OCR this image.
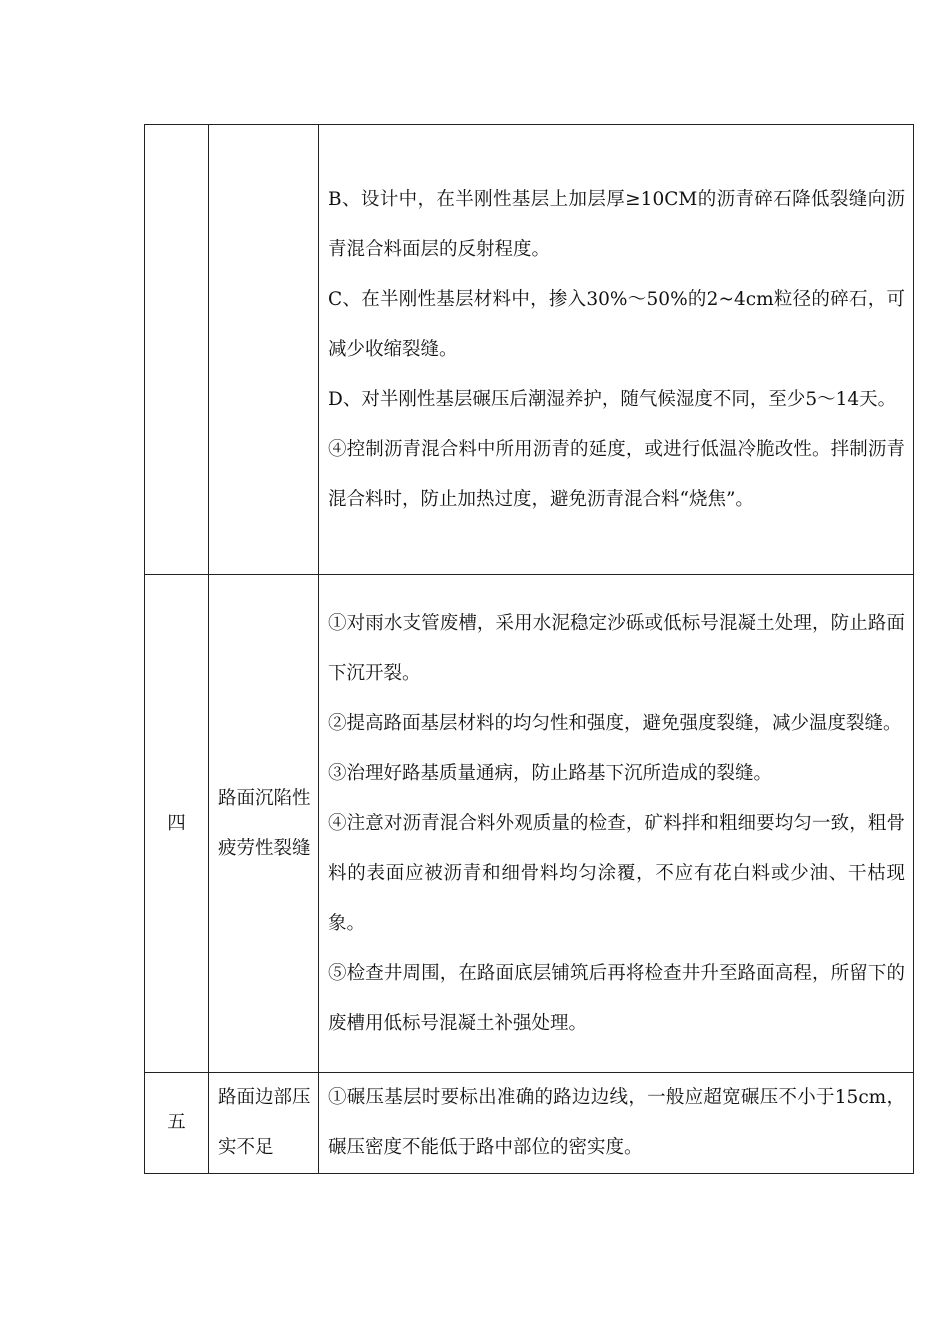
		B、设计中，在半刚性基层上加层厚≥10CM的沥青碎石降低裂缝向沥青混合料面层的反射程度。

C、在半刚性基层材料中，掺入30%～50%的2~4cm粒径的碎石，可减少收缩裂缝。

D、对半刚性基层碾压后潮湿养护，随气候湿度不同，至少5～14天。

④控制沥青混合料中所用沥青的延度，或进行低温冷脆改性。拌制沥青混合料时，防止加热过度，避免沥青混合料“烧焦”。

四	路面沉陷性疲劳性裂缝	①对雨水支管废槽，采用水泥稳定沙砾或低标号混凝土处理，防止路面下沉开裂。

②提高路面基层材料的均匀性和强度，避免强度裂缝，减少温度裂缝。

③治理好路基质量通病，防止路基下沉所造成的裂缝。

④注意对沥青混合料外观质量的检查，矿料拌和粗细要均匀一致，粗骨料的表面应被沥青和细骨料均匀涂覆，不应有花白料或少油、干枯现象。

⑤检查井周围，在路面底层铺筑后再将检查井升至路面高程，所留下的废槽用低标号混凝土补强处理。

五	路面边部压实不足	①碾压基层时要标出准确的路边边线，一般应超宽碾压不小于15cm，碾压密度不能低于路中部位的密实度。
